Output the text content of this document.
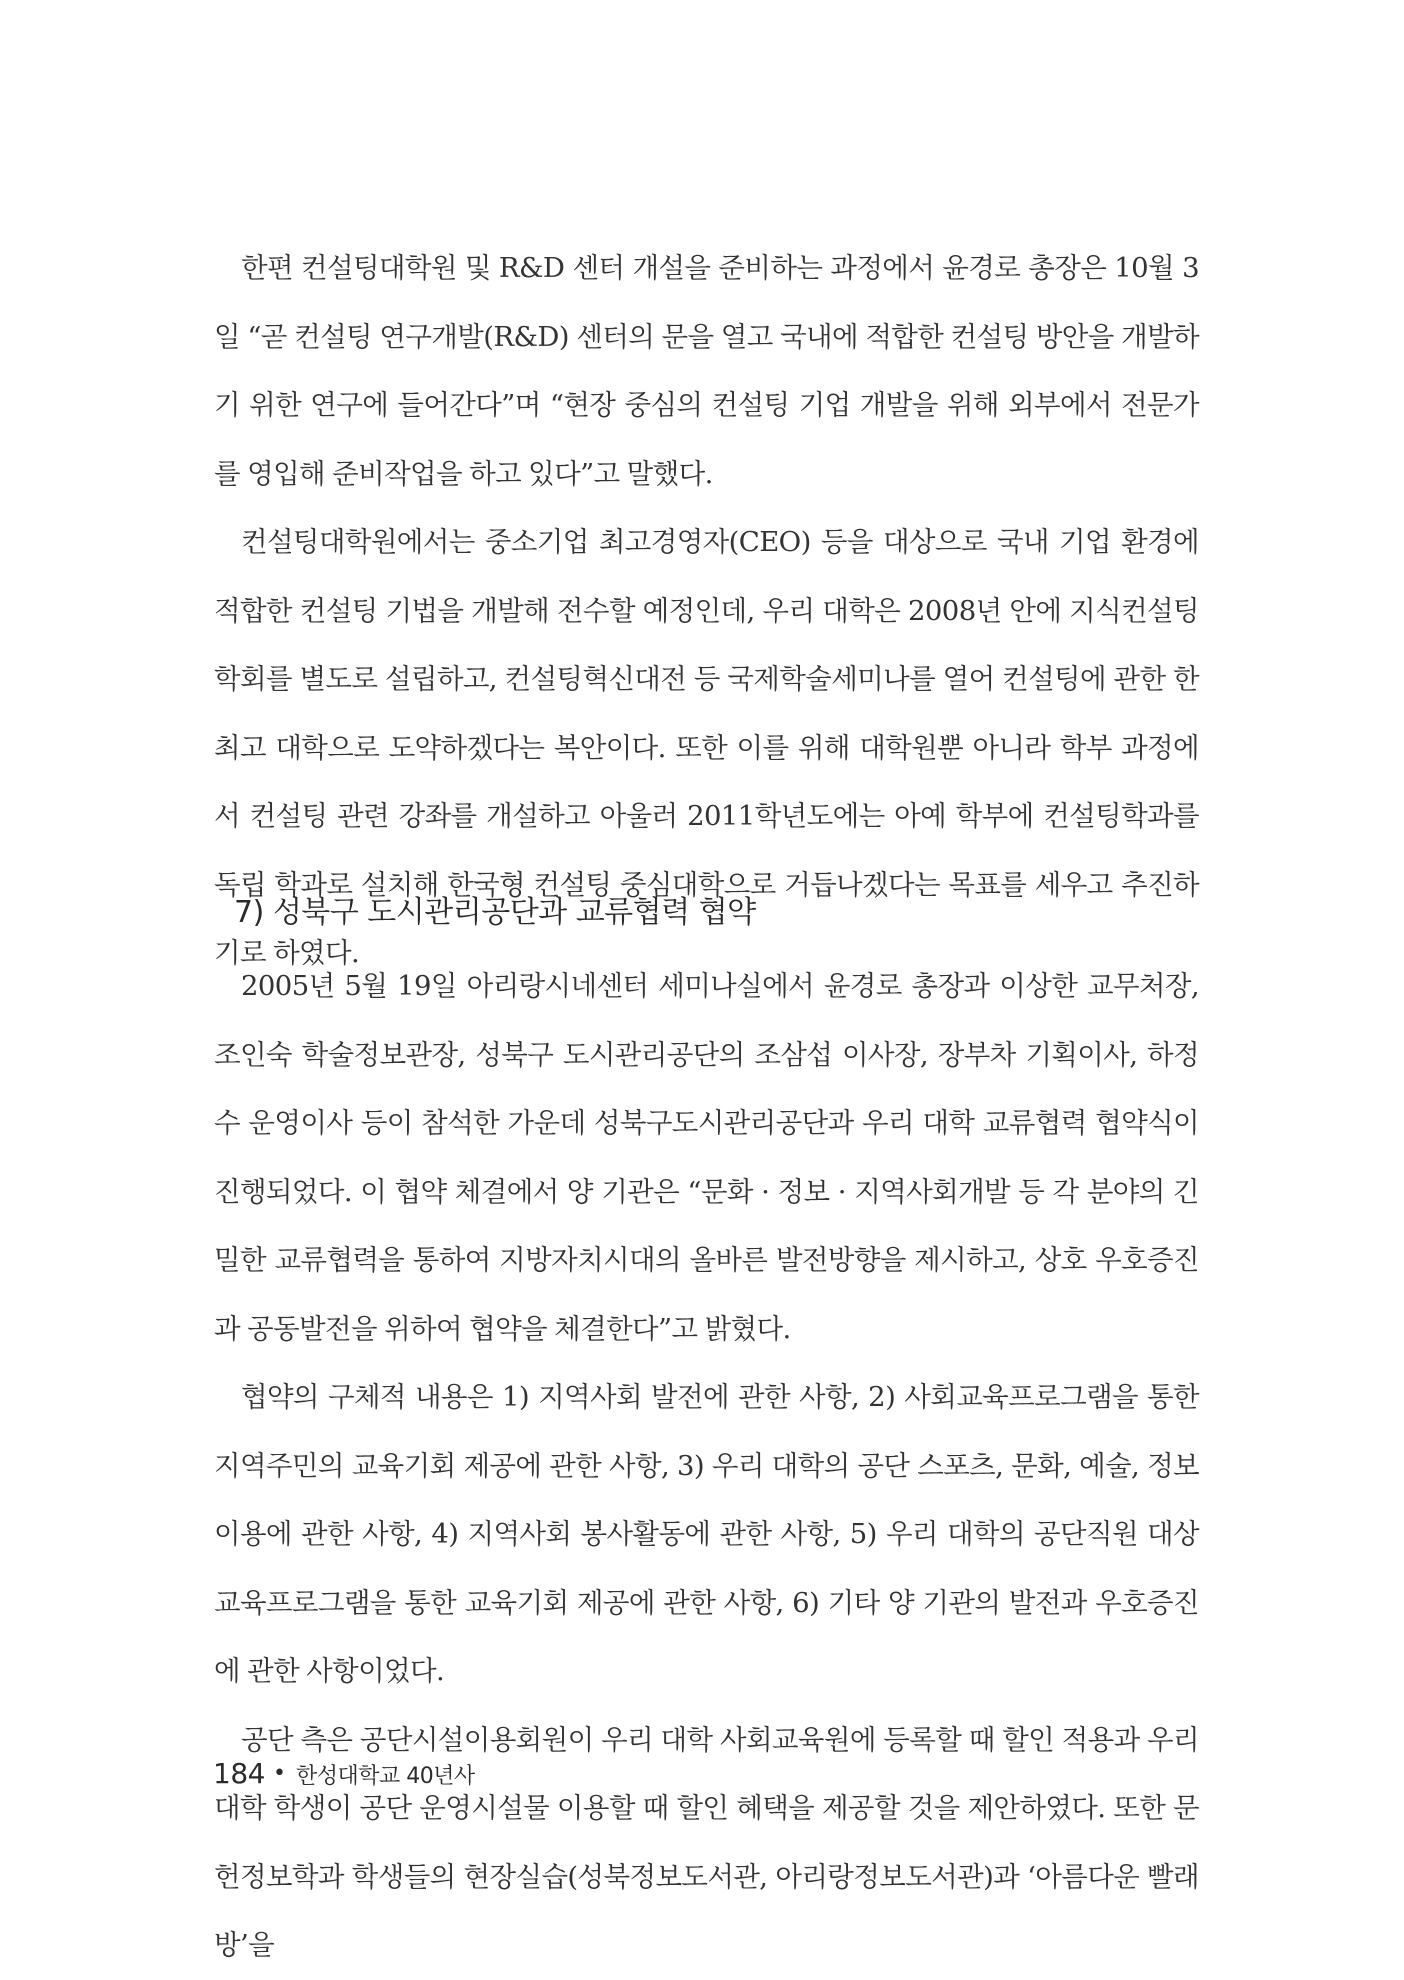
한편 컨설팅대학원 및 R&D 센터 개설을 준비하는 과정에서 윤경로 총장은 10월 3일 “곧 컨설팅 연구개발(R&D) 센터의 문을 열고 국내에 적합한 컨설팅 방안을 개발하기 위한 연구에 들어간다”며 “현장 중심의 컨설팅 기업 개발을 위해 외부에서 전문가를 영입해 준비작업을 하고 있다”고 말했다.

컨설팅대학원에서는 중소기업 최고경영자(CEO) 등을 대상으로 국내 기업 환경에 적합한 컨설팅 기법을 개발해 전수할 예정인데, 우리 대학은 2008년 안에 지식컨설팅학회를 별도로 설립하고, 컨설팅혁신대전 등 국제학술세미나를 열어 컨설팅에 관한 한 최고 대학으로 도약하겠다는 복안이다. 또한 이를 위해 대학원뿐 아니라 학부 과정에서 컨설팅 관련 강좌를 개설하고 아울러 2011학년도에는 아예 학부에 컨설팅학과를 독립 학과로 설치해 한국형 컨설팅 중심대학으로 거듭나겠다는 목표를 세우고 추진하기로 하였다.

7) 성북구 도시관리공단과 교류협력 협약

2005년 5월 19일 아리랑시네센터 세미나실에서 윤경로 총장과 이상한 교무처장, 조인숙 학술정보관장, 성북구 도시관리공단의 조삼섭 이사장, 장부차 기획이사, 하정수 운영이사 등이 참석한 가운데 성북구도시관리공단과 우리 대학 교류협력 협약식이 진행되었다. 이 협약 체결에서 양 기관은 “문화 · 정보 · 지역사회개발 등 각 분야의 긴밀한 교류협력을 통하여 지방자치시대의 올바른 발전방향을 제시하고, 상호 우호증진과 공동발전을 위하여 협약을 체결한다”고 밝혔다.

협약의 구체적 내용은 1) 지역사회 발전에 관한 사항, 2) 사회교육프로그램을 통한 지역주민의 교육기회 제공에 관한 사항, 3) 우리 대학의 공단 스포츠, 문화, 예술, 정보 이용에 관한 사항, 4) 지역사회 봉사활동에 관한 사항, 5) 우리 대학의 공단직원 대상 교육프로그램을 통한 교육기회 제공에 관한 사항, 6) 기타 양 기관의 발전과 우호증진에 관한 사항이었다.

공단 측은 공단시설이용회원이 우리 대학 사회교육원에 등록할 때 할인 적용과 우리 대학 학생이 공단 운영시설물 이용할 때 할인 혜택을 제공할 것을 제안하였다. 또한 문헌정보학과 학생들의 현장실습(성북정보도서관, 아리랑정보도서관)과 ‘아름다운 빨래방’을

184 • 한성대학교 40년사
